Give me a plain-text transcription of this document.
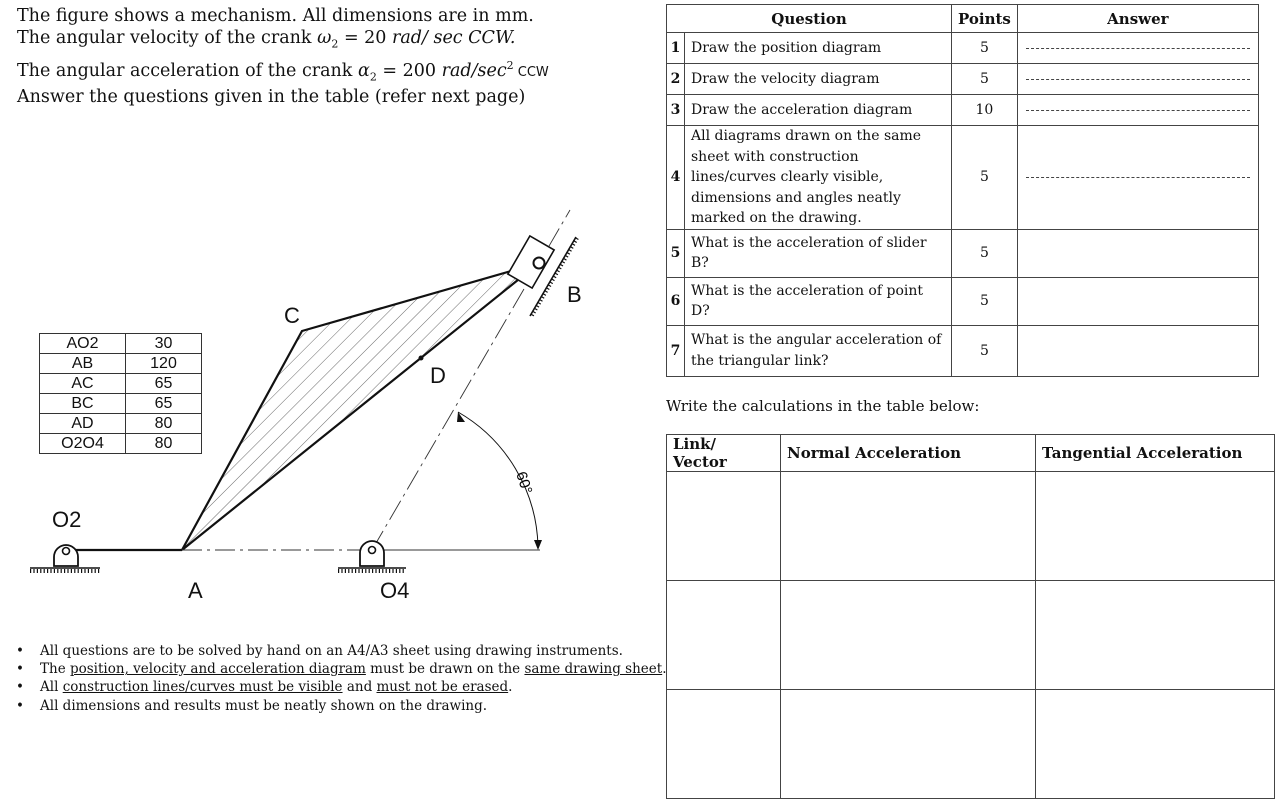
The figure shows a mechanism. All dimensions are in mm.
The angular velocity of the crank $\omega_2 = 20$ rad/ sec CCW.
The angular acceleration of the crank $\alpha_2 = 200$ rad/$\sec^2$ CCW
Answer the questions given in the table (refer next page)
AO2	30
AB	120
AC	65
BC	65
AD	80
O2O4	80
60°
O2
A	O4
C
D
B
• All questions are to be solved by hand on an A4/A3 sheet using drawing instruments.
• The position, velocity and acceleration diagram must be drawn on the same drawing sheet.
• All construction lines/curves must be visible and must not be erased.
• All dimensions and results must be neatly shown on the drawing.
Question		Points	Answer
1	Draw the position diagram	5	

2	Draw the velocity diagram	5	

3	Draw the acceleration diagram	10	

4	All diagrams drawn on the same sheet with construction lines/curves clearly visible, dimensions and angles neatly marked on the drawing.	5	

5	What is the acceleration of slider B?	5	
6	What is the acceleration of point D?	5	
7	What is the angular acceleration of the triangular link?	5	
Write the calculations in the table below:
Link/ Vector	Normal Acceleration	Tangential Acceleration
